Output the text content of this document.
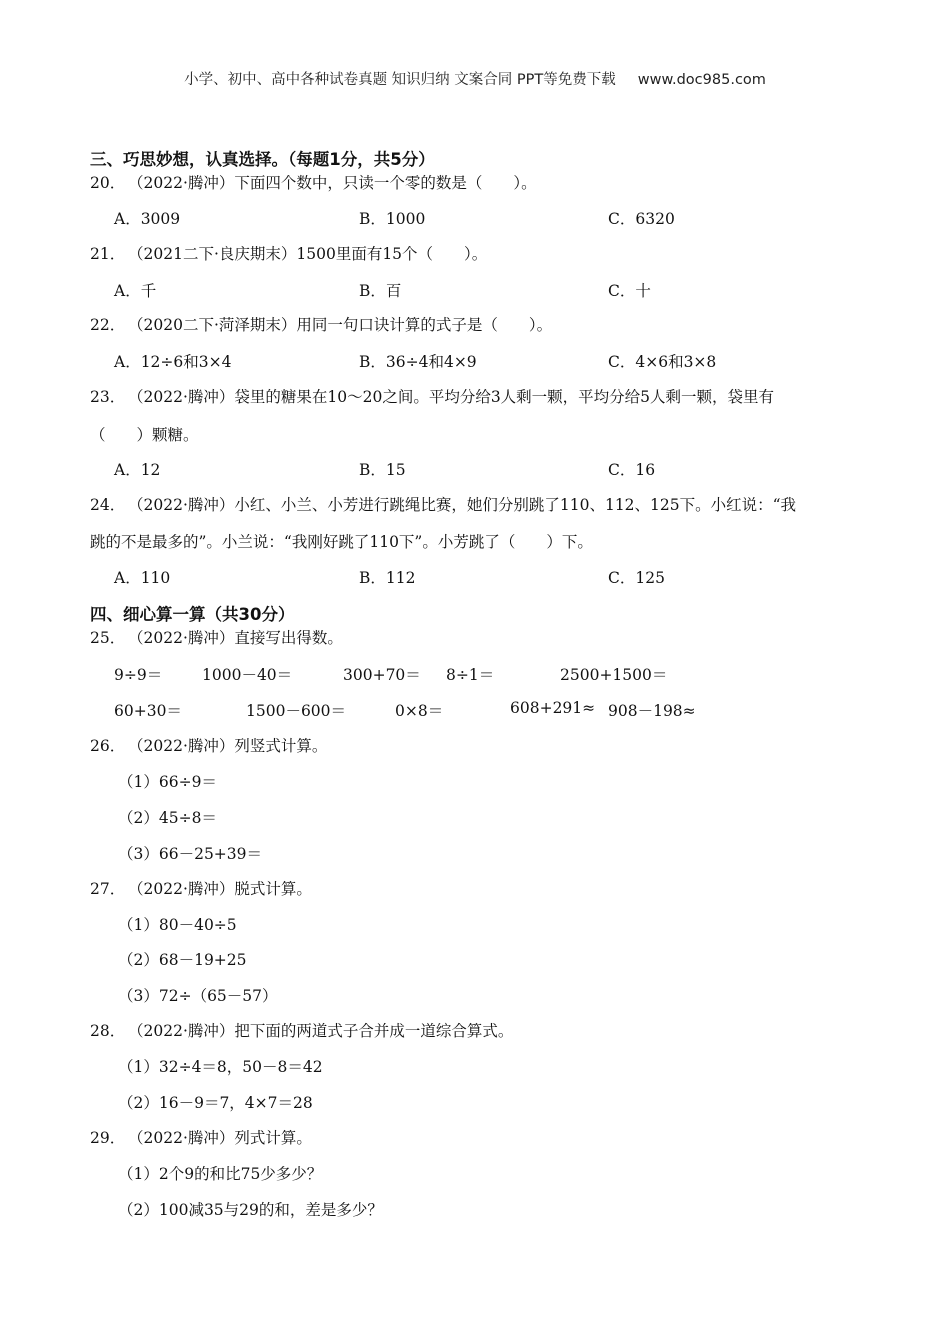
小学、初中、高中各种试卷真题 知识归纳 文案合同 PPT等免费下载 www.doc985.com
三、巧思妙想，认真选择。（每题1分，共5分）
20． （2022·腾冲）下面四个数中，只读一个零的数是（　　）。
A．3009	B．1000	C．6320
21． （2021二下·良庆期末）1500里面有15个（　　）。
A．千	B．百	C．十
22． （2020二下·菏泽期末）用同一句口诀计算的式子是（　　）。
A．12÷6和3×4	B．36÷4和4×9	C．4×6和3×8
23． （2022·腾冲）袋里的糖果在10～20之间。平均分给3人剩一颗，平均分给5人剩一颗，袋里有
（　　）颗糖。
A．12	B．15	C．16
24． （2022·腾冲）小红、小兰、小芳进行跳绳比赛，她们分别跳了110、112、125下。小红说：“我
跳的不是最多的”。小兰说：“我刚好跳了110下”。小芳跳了（　　）下。
A．110	B．112	C．125
四、细心算一算（共30分）
25． （2022·腾冲）直接写出得数。
9÷9＝	1000－40＝	300+70＝ 8÷1＝	2500+1500＝
60+30＝	1500－600＝	0×8＝	608+291≈ 908－198≈
26． （2022·腾冲）列竖式计算。
（1）66÷9＝
（2）45÷8＝
（3）66－25+39＝
27． （2022·腾冲）脱式计算。
（1）80－40÷5
（2）68－19+25
（3）72÷（65－57）
28． （2022·腾冲）把下面的两道式子合并成一道综合算式。
（1）32÷4＝8，50－8＝42
（2）16－9＝7，4×7＝28
29． （2022·腾冲）列式计算。
（1）2个9的和比75少多少？
（2）100减35与29的和，差是多少？
